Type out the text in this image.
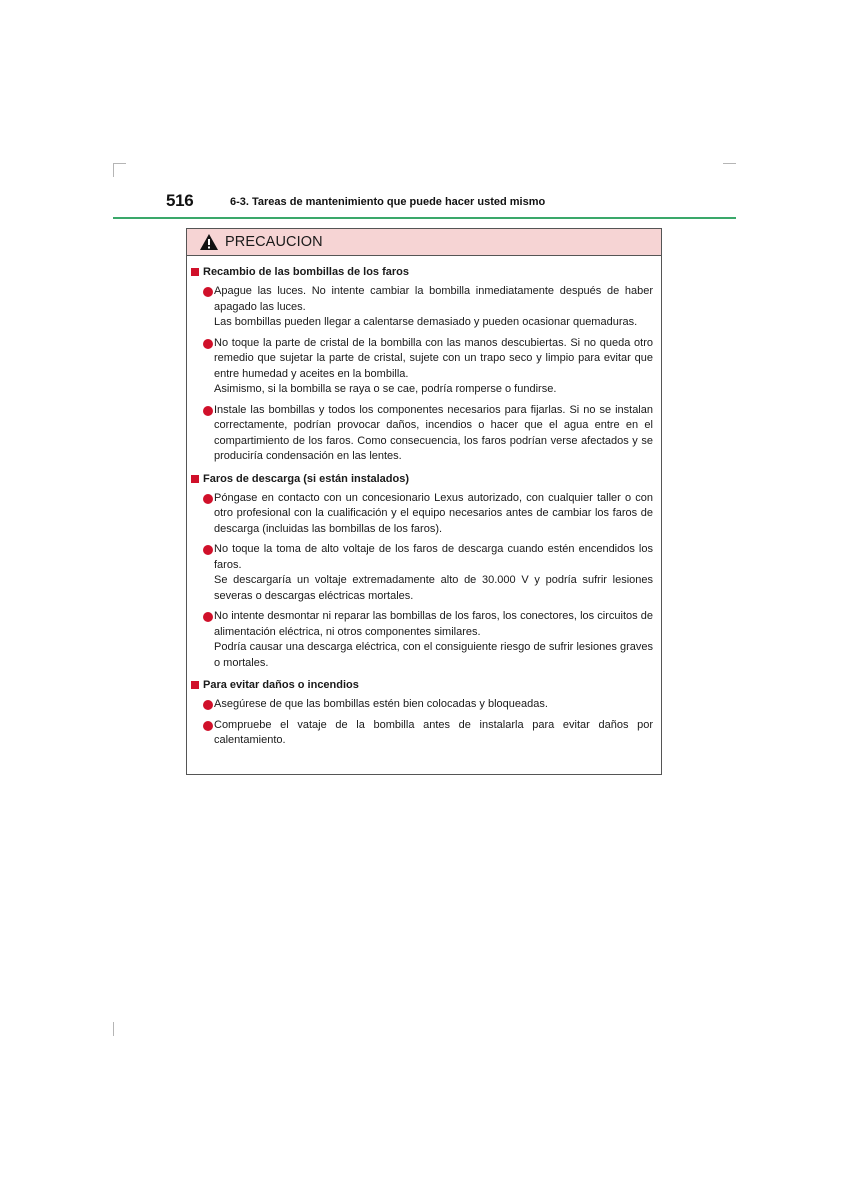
516	6-3. Tareas de mantenimiento que puede hacer usted mismo
PRECAUCION
Recambio de las bombillas de los faros

Apague las luces. No intente cambiar la bombilla inmediatamente después de haber apagado las luces.

Las bombillas pueden llegar a calentarse demasiado y pueden ocasionar quemaduras.

No toque la parte de cristal de la bombilla con las manos descubiertas. Si no queda otro remedio que sujetar la parte de cristal, sujete con un trapo seco y limpio para evitar que entre humedad y aceites en la bombilla.

Asimismo, si la bombilla se raya o se cae, podría romperse o fundirse.

Instale las bombillas y todos los componentes necesarios para fijarlas. Si no se instalan correctamente, podrían provocar daños, incendios o hacer que el agua entre en el compartimiento de los faros. Como consecuencia, los faros podrían verse afectados y se produciría condensación en las lentes.

Faros de descarga (si están instalados)

Póngase en contacto con un concesionario Lexus autorizado, con cualquier taller o con otro profesional con la cualificación y el equipo necesarios antes de cambiar los faros de descarga (incluidas las bombillas de los faros).

No toque la toma de alto voltaje de los faros de descarga cuando estén encendidos los faros.

Se descargaría un voltaje extremadamente alto de 30.000 V y podría sufrir lesiones severas o descargas eléctricas mortales.

No intente desmontar ni reparar las bombillas de los faros, los conectores, los circuitos de alimentación eléctrica, ni otros componentes similares.

Podría causar una descarga eléctrica, con el consiguiente riesgo de sufrir lesiones graves o mortales.

Para evitar daños o incendios

Asegúrese de que las bombillas estén bien colocadas y bloqueadas.

Compruebe el vataje de la bombilla antes de instalarla para evitar daños por calentamiento.
